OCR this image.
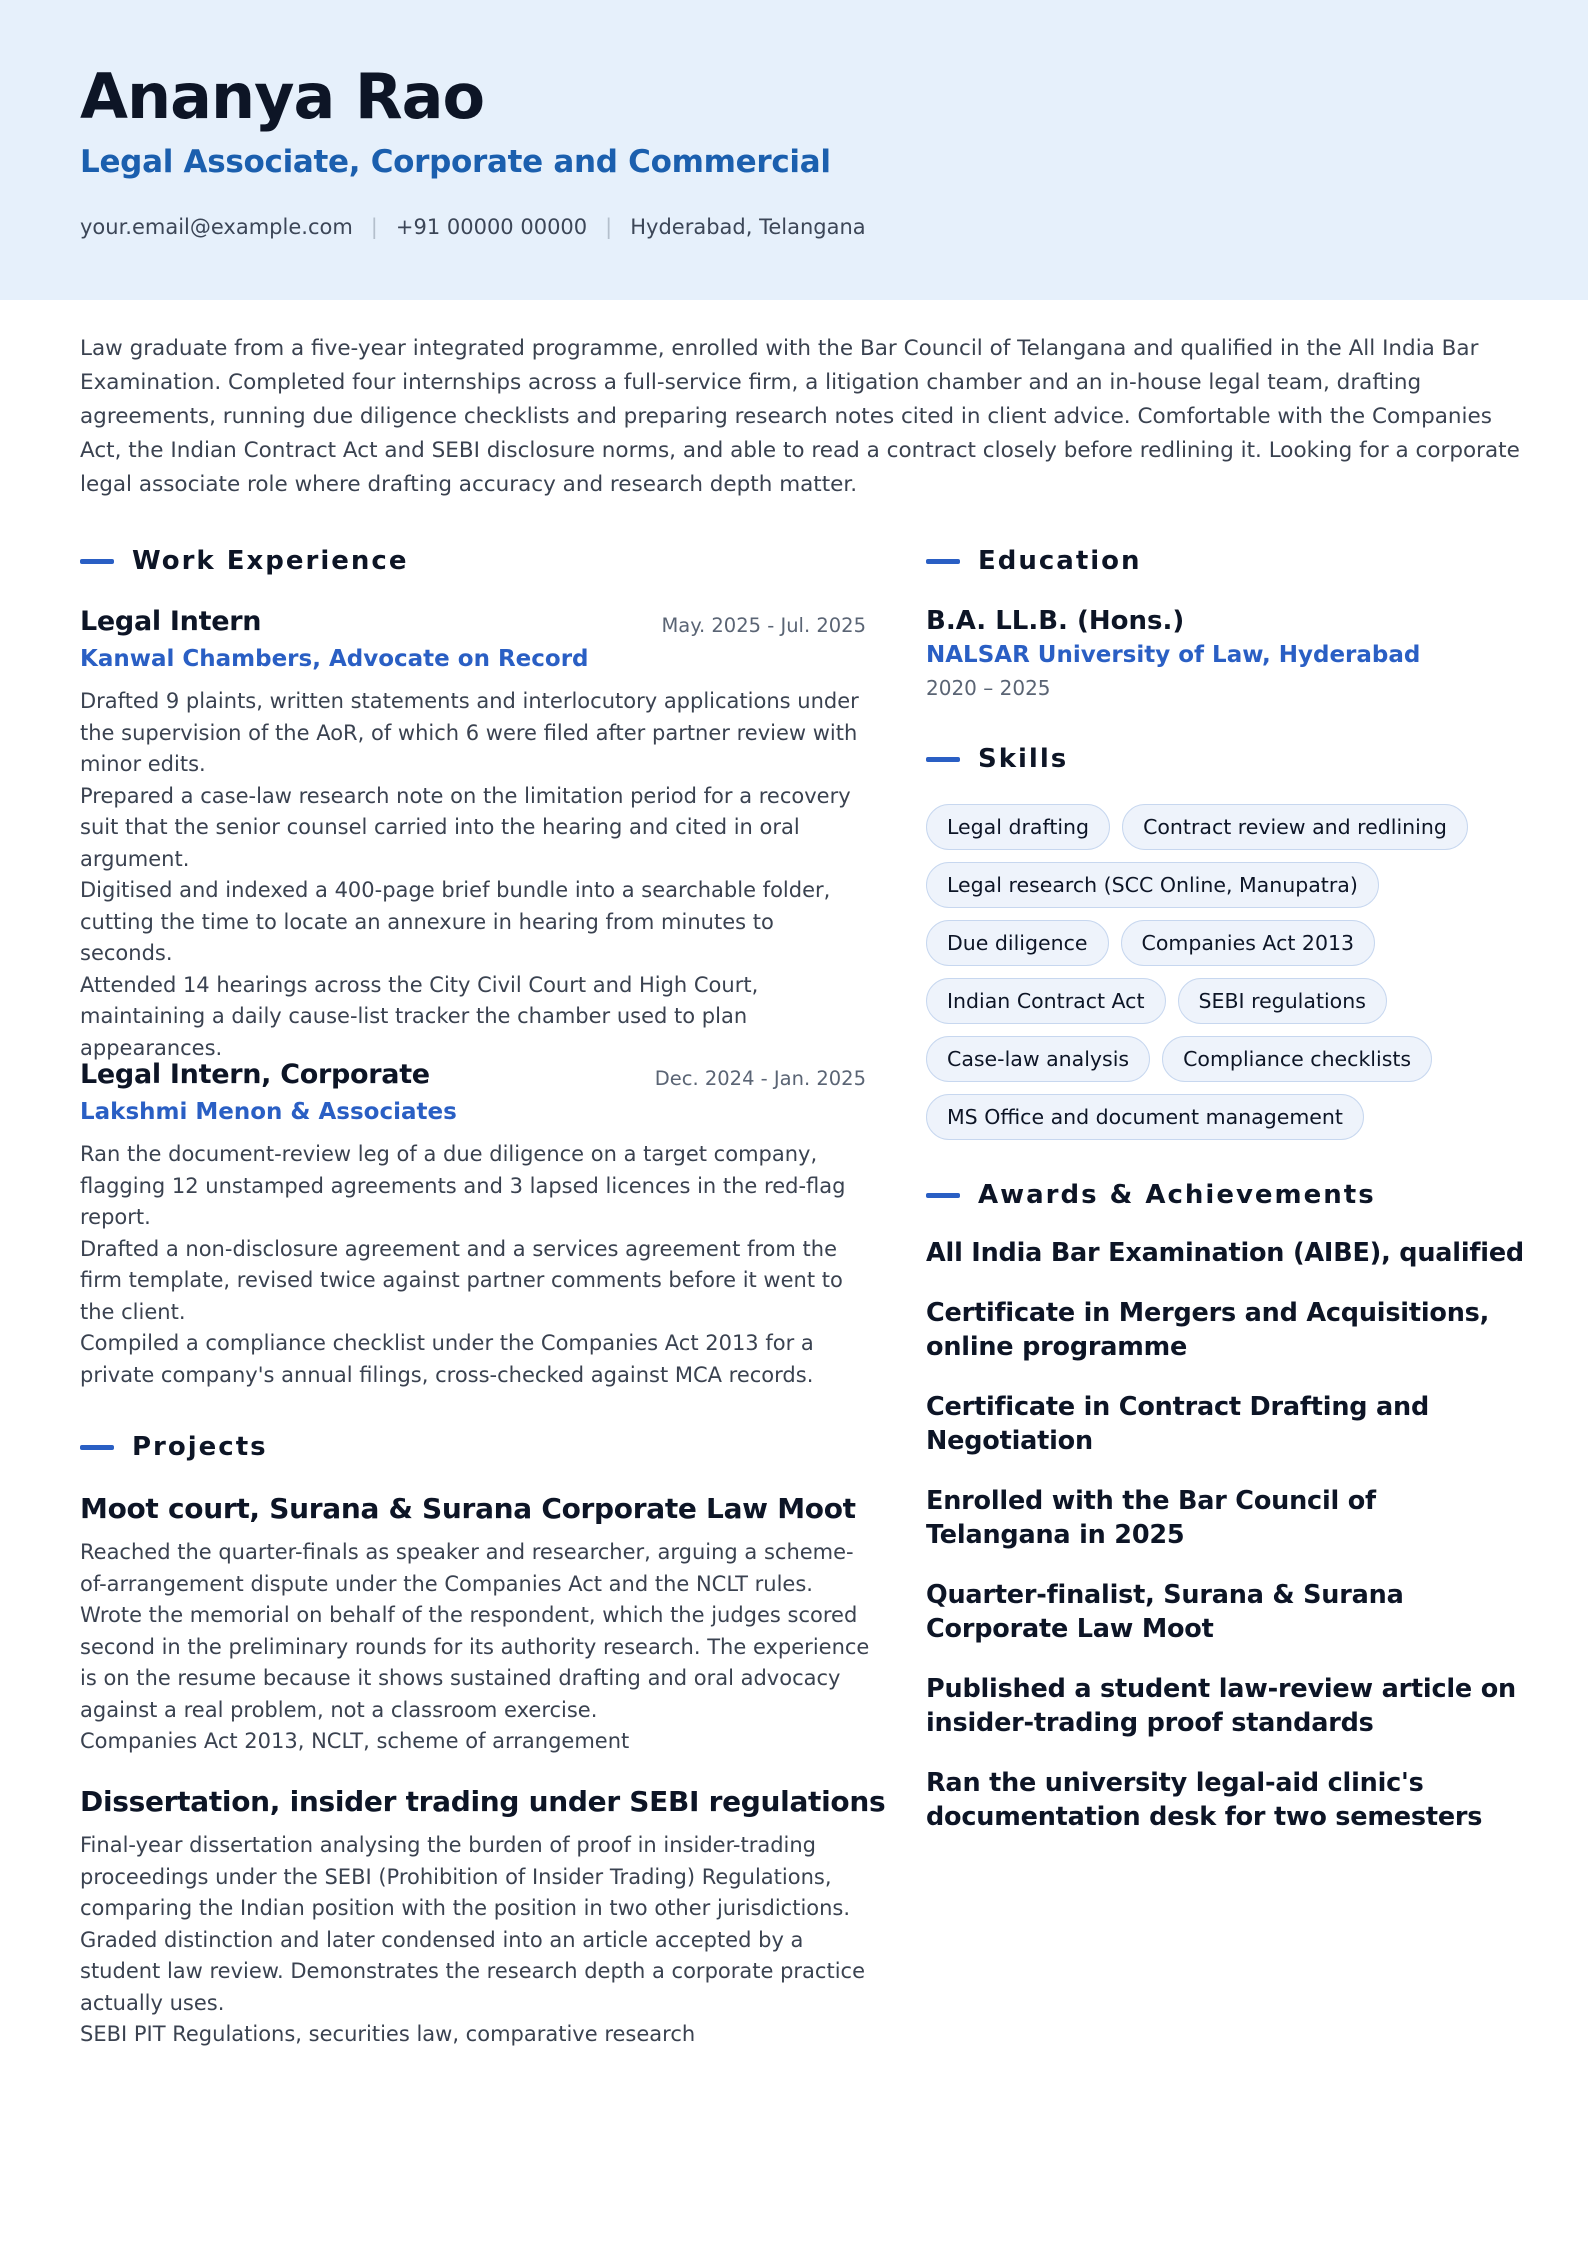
Ananya Rao
Legal Associate, Corporate and Commercial
your.email@example.com | +91 00000 00000 | Hyderabad, Telangana
Law graduate from a five-year integrated programme, enrolled with the Bar Council of Telangana and qualified in the All India Bar Examination. Completed four internships across a full-service firm, a litigation chamber and an in-house legal team, drafting agreements, running due diligence checklists and preparing research notes cited in client advice. Comfortable with the Companies Act, the Indian Contract Act and SEBI disclosure norms, and able to read a contract closely before redlining it. Looking for a corporate legal associate role where drafting accuracy and research depth matter.
Work Experience
Legal Intern	May. 2025 - Jul. 2025
Kanwal Chambers, Advocate on Record
Drafted 9 plaints, written statements and interlocutory applications under the supervision of the AoR, of which 6 were filed after partner review with minor edits.
Prepared a case-law research note on the limitation period for a recovery suit that the senior counsel carried into the hearing and cited in oral argument.
Digitised and indexed a 400-page brief bundle into a searchable folder, cutting the time to locate an annexure in hearing from minutes to seconds.
Attended 14 hearings across the City Civil Court and High Court, maintaining a daily cause-list tracker the chamber used to plan appearances.
Legal Intern, Corporate	Dec. 2024 - Jan. 2025
Lakshmi Menon & Associates
Ran the document-review leg of a due diligence on a target company, flagging 12 unstamped agreements and 3 lapsed licences in the red-flag report.
Drafted a non-disclosure agreement and a services agreement from the firm template, revised twice against partner comments before it went to the client.
Compiled a compliance checklist under the Companies Act 2013 for a private company's annual filings, cross-checked against MCA records.
Projects
Moot court, Surana & Surana Corporate Law Moot
Reached the quarter-finals as speaker and researcher, arguing a scheme-of-arrangement dispute under the Companies Act and the NCLT rules. Wrote the memorial on behalf of the respondent, which the judges scored second in the preliminary rounds for its authority research. The experience is on the resume because it shows sustained drafting and oral advocacy against a real problem, not a classroom exercise.
Companies Act 2013, NCLT, scheme of arrangement
Dissertation, insider trading under SEBI regulations
Final-year dissertation analysing the burden of proof in insider-trading proceedings under the SEBI (Prohibition of Insider Trading) Regulations, comparing the Indian position with the position in two other jurisdictions. Graded distinction and later condensed into an article accepted by a student law review. Demonstrates the research depth a corporate practice actually uses.
SEBI PIT Regulations, securities law, comparative research
Education
B.A. LL.B. (Hons.)
NALSAR University of Law, Hyderabad
2020 – 2025
Skills
Legal drafting	Contract review and redlining
Legal research (SCC Online, Manupatra)
Due diligence	Companies Act 2013
Indian Contract Act	SEBI regulations
Case-law analysis	Compliance checklists
MS Office and document management
Awards & Achievements
All India Bar Examination (AIBE), qualified
Certificate in Mergers and Acquisitions, online programme
Certificate in Contract Drafting and Negotiation
Enrolled with the Bar Council of Telangana in 2025
Quarter-finalist, Surana & Surana Corporate Law Moot
Published a student law-review article on insider-trading proof standards
Ran the university legal-aid clinic's documentation desk for two semesters
